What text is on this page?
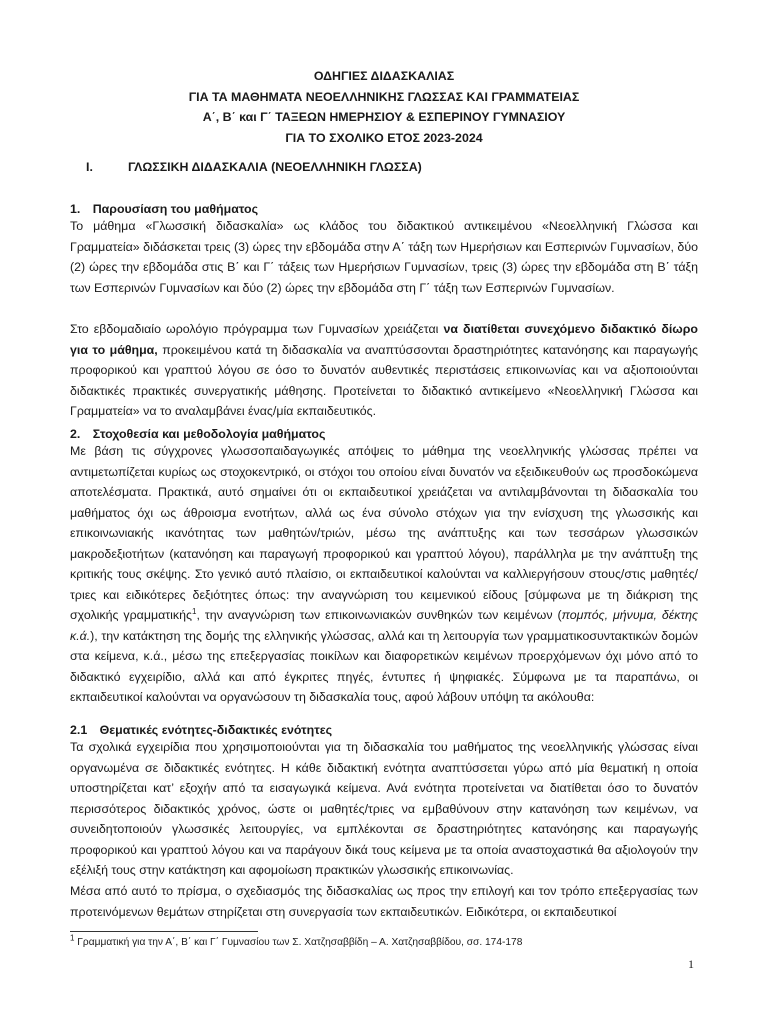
ΟΔΗΓΙΕΣ ΔΙΔΑΣΚΑΛΙΑΣ
ΓΙΑ ΤΑ ΜΑΘΗΜΑΤΑ ΝΕΟΕΛΛΗΝΙΚΗΣ ΓΛΩΣΣΑΣ ΚΑΙ ΓΡΑΜΜΑΤΕΙΑΣ
Α΄, Β΄ και Γ΄ ΤΑΞΕΩΝ ΗΜΕΡΗΣΙΟΥ & ΕΣΠΕΡΙΝΟΥ ΓΥΜΝΑΣΙΟΥ
ΓΙΑ ΤΟ ΣΧΟΛΙΚΟ ΕΤΟΣ 2023-2024
Ι.	ΓΛΩΣΣΙΚΗ ΔΙΔΑΣΚΑΛΙΑ (ΝΕΟΕΛΛΗΝΙΚΗ ΓΛΩΣΣΑ)
1. Παρουσίαση του μαθήματος

Το μάθημα «Γλωσσική διδασκαλία» ως κλάδος του διδακτικού αντικειμένου «Νεοελληνική Γλώσσα και Γραμματεία» διδάσκεται τρεις (3) ώρες την εβδομάδα στην Α΄ τάξη των Ημερήσιων και Εσπερινών Γυμνασίων, δύο (2) ώρες την εβδομάδα στις Β΄ και Γ΄ τάξεις των Ημερήσιων Γυμνασίων, τρεις (3) ώρες την εβδομάδα στη Β΄ τάξη των Εσπερινών Γυμνασίων και δύο (2) ώρες την εβδομάδα στη Γ΄ τάξη των Εσπερινών Γυμνασίων.

Στο εβδομαδιαίο ωρολόγιο πρόγραμμα των Γυμνασίων χρειάζεται να διατίθεται συνεχόμενο διδακτικό δίωρο για το μάθημα, προκειμένου κατά τη διδασκαλία να αναπτύσσονται δραστηριότητες κατανόησης και παραγωγής προφορικού και γραπτού λόγου σε όσο το δυνατόν αυθεντικές περιστάσεις επικοινωνίας και να αξιοποιούνται διδακτικές πρακτικές συνεργατικής μάθησης. Προτείνεται το διδακτικό αντικείμενο «Νεοελληνική Γλώσσα και Γραμματεία» να το αναλαμβάνει ένας/μία εκπαιδευτικός.

2. Στοχοθεσία και μεθοδολογία μαθήματος

Με βάση τις σύγχρονες γλωσσοπαιδαγωγικές απόψεις το μάθημα της νεοελληνικής γλώσσας πρέπει να αντιμετωπίζεται κυρίως ως στοχοκεντρικό, οι στόχοι του οποίου είναι δυνατόν να εξειδικευθούν ως προσδοκώμενα αποτελέσματα. Πρακτικά, αυτό σημαίνει ότι οι εκπαιδευτικοί χρειάζεται να αντιλαμβάνονται τη διδασκαλία του μαθήματος όχι ως άθροισμα ενοτήτων, αλλά ως ένα σύνολο στόχων για την ενίσχυση της γλωσσικής και επικοινωνιακής ικανότητας των μαθητών/τριών, μέσω της ανάπτυξης και των τεσσάρων γλωσσικών μακροδεξιοτήτων (κατανόηση και παραγωγή προφορικού και γραπτού λόγου), παράλληλα με την ανάπτυξη της κριτικής τους σκέψης. Στο γενικό αυτό πλαίσιο, οι εκπαιδευτικοί καλούνται να καλλιεργήσουν στους/στις μαθητές/τριες και ειδικότερες δεξιότητες όπως: την αναγνώριση του κειμενικού είδους [σύμφωνα με τη διάκριση της σχολικής γραμματικής$^1$, την αναγνώριση των επικοινωνιακών συνθηκών των κειμένων (πομπός, μήνυμα, δέκτης κ.ά.), την κατάκτηση της δομής της ελληνικής γλώσσας, αλλά και τη λειτουργία των γραμματικοσυντακτικών δομών στα κείμενα, κ.ά., μέσω της επεξεργασίας ποικίλων και διαφορετικών κειμένων προερχόμενων όχι μόνο από το διδακτικό εγχειρίδιο, αλλά και από έγκριτες πηγές, έντυπες ή ψηφιακές. Σύμφωνα με τα παραπάνω, οι εκπαιδευτικοί καλούνται να οργανώσουν τη διδασκαλία τους, αφού λάβουν υπόψη τα ακόλουθα:

2.1 Θεματικές ενότητες-διδακτικές ενότητες

Τα σχολικά εγχειρίδια που χρησιμοποιούνται για τη διδασκαλία του μαθήματος της νεοελληνικής γλώσσας είναι οργανωμένα σε διδακτικές ενότητες. Η κάθε διδακτική ενότητα αναπτύσσεται γύρω από μία θεματική η οποία υποστηρίζεται κατ’ εξοχήν από τα εισαγωγικά κείμενα. Ανά ενότητα προτείνεται να διατίθεται όσο το δυνατόν περισσότερος διδακτικός χρόνος, ώστε οι μαθητές/τριες να εμβαθύνουν στην κατανόηση των κειμένων, να συνειδητοποιούν γλωσσικές λειτουργίες, να εμπλέκονται σε δραστηριότητες κατανόησης και παραγωγής προφορικού και γραπτού λόγου και να παράγουν δικά τους κείμενα με τα οποία αναστοχαστικά θα αξιολογούν την εξέλιξή τους στην κατάκτηση και αφομοίωση πρακτικών γλωσσικής επικοινωνίας.

Μέσα από αυτό το πρίσμα, ο σχεδιασμός της διδασκαλίας ως προς την επιλογή και τον τρόπο επεξεργασίας των προτεινόμενων θεμάτων στηρίζεται στη συνεργασία των εκπαιδευτικών. Ειδικότερα, οι εκπαιδευτικοί

$^1$ Γραμματική για την Α΄, Β΄ και Γ΄ Γυμνασίου των Σ. Χατζησαββίδη – Α. Χατζησαββίδου, σσ. 174-178
1
